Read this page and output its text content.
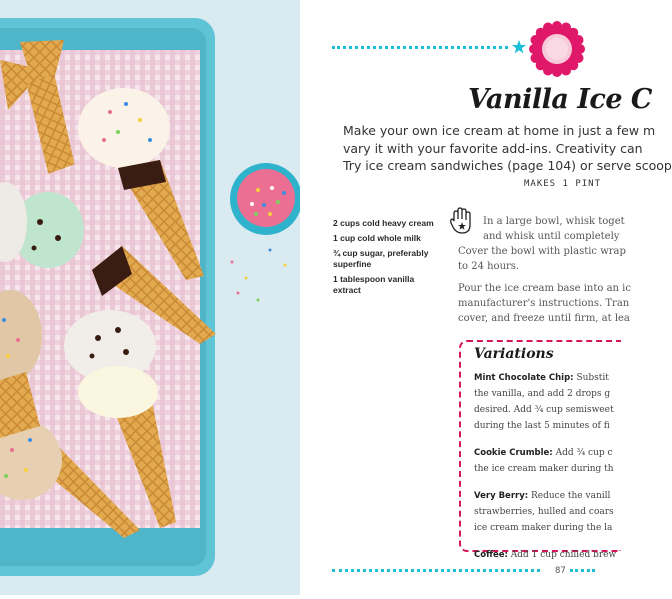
Vanilla Ice C
Make your own ice cream at home in just a few m
vary it with your favorite add-ins. Creativity can
Try ice cream sandwiches (page 104) or serve scoop
MAKES 1 PINT
2 cups cold heavy cream
1 cup cold whole milk
¾ cup sugar, preferably superfine
1 tablespoon vanilla extract
In a large bowl, whisk toget
and whisk until completely
Cover the bowl with plastic wrap
to 24 hours.
Pour the ice cream base into an ic
manufacturer's instructions. Tran
cover, and freeze until firm, at lea
Variations
Mint Chocolate Chip: Substit
the vanilla, and add 2 drops g
desired. Add ¾ cup semisweet
during the last 5 minutes of fi
Cookie Crumble: Add ¾ cup c
the ice cream maker during th
Very Berry: Reduce the vanill
strawberries, hulled and coars
ice cream maker during the la
Coffee: Add 1 cup chilled brew
87
